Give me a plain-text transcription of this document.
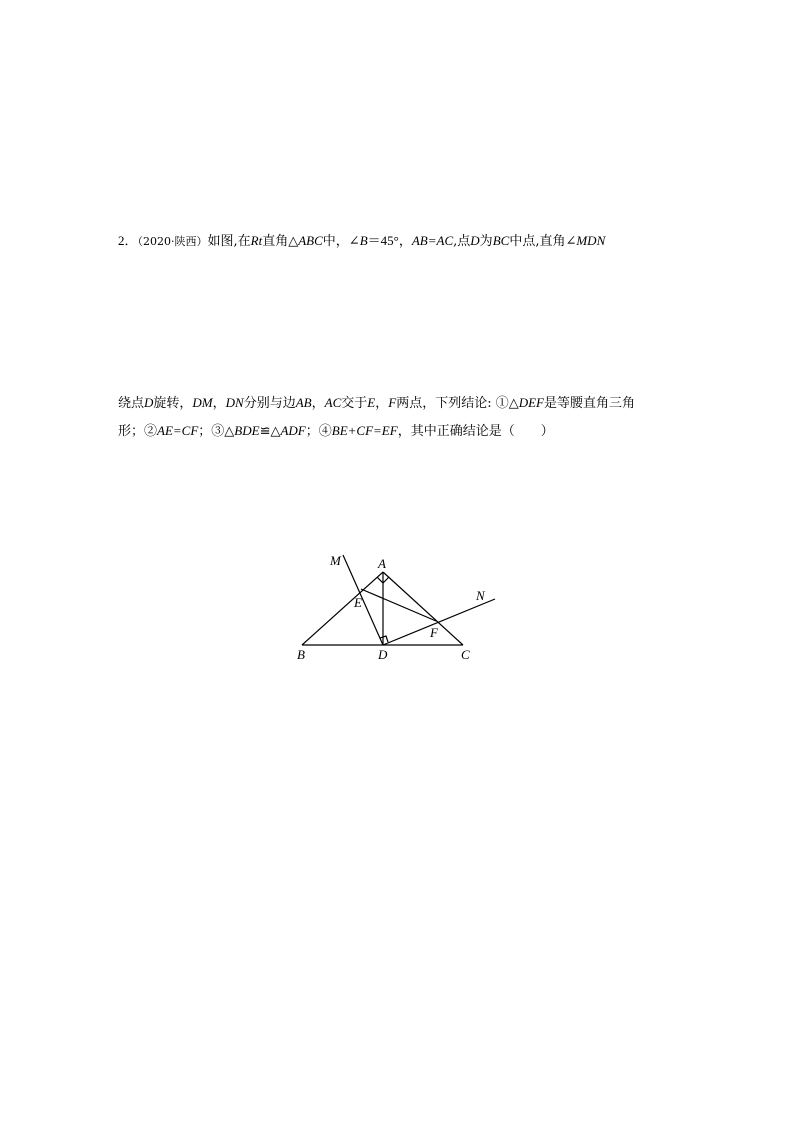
2．（2020·陕西）如图,在Rt直角△ABC中，∠B＝45°，AB=AC,点D为BC中点,直角∠MDN
绕点D旋转，DM，DN分别与边AB，AC交于E，F两点，下列结论: ①△DEF是等腰直角三角
形；②AE=CF；③△BDE≌△ADF；④BE+CF=EF，其中正确结论是（　　）
M	A
N
E
F
B	D	C
